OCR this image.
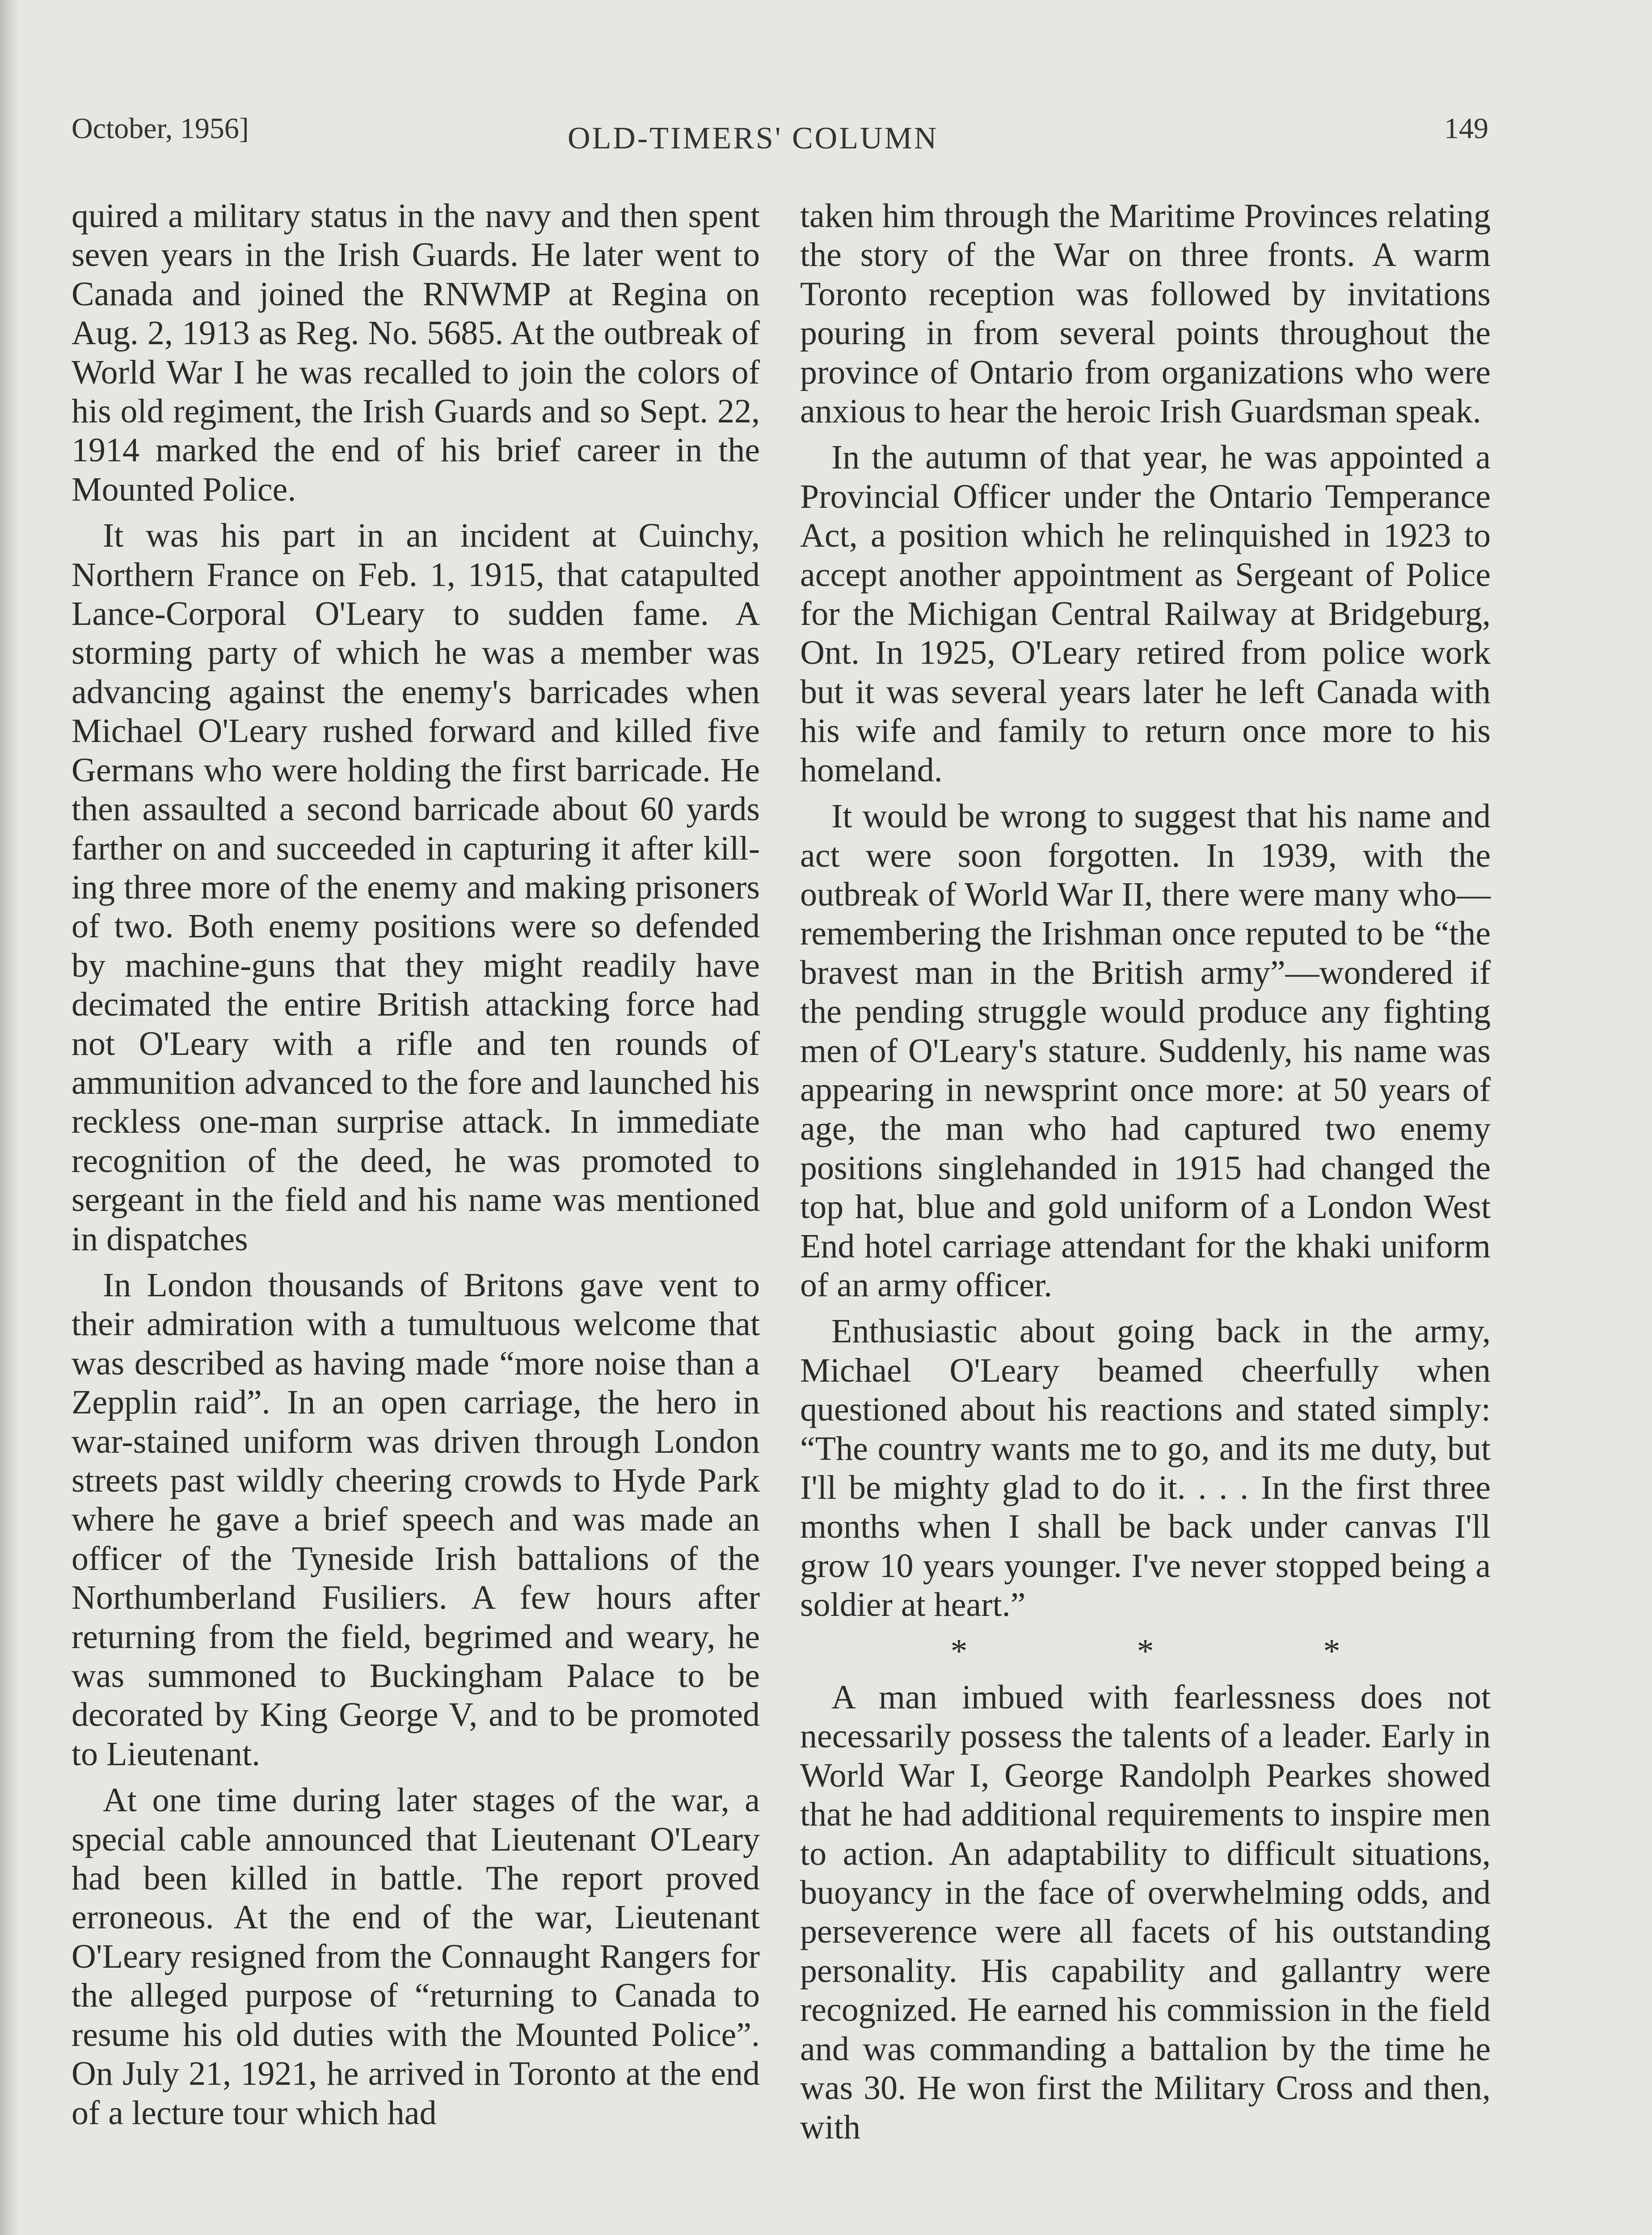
October, 1956]	OLD-TIMERS' COLUMN	149

quired a military status in the navy and then spent seven years in the Irish Guards. He later went to Canada and joined the RNWMP at Regina on Aug. 2, 1913 as Reg. No. 5685. At the outbreak of World War I he was recalled to join the colors of his old regiment, the Irish Guards and so Sept. 22, 1914 marked the end of his brief career in the Mounted Police.

It was his part in an incident at Cuinchy, Northern France on Feb. 1, 1915, that catapulted Lance-Corporal O'Leary to sudden fame. A storming party of which he was a member was advancing against the enemy's barricades when Michael O'Leary rushed forward and killed five Germans who were holding the first barricade. He then assaulted a second barricade about 60 yards farther on and succeeded in capturing it after killing three more of the enemy and making prisoners of two. Both enemy positions were so defended by machine-guns that they might readily have decimated the entire British attacking force had not O'Leary with a rifle and ten rounds of ammunition advanced to the fore and launched his reckless one-man surprise attack. In immediate recognition of the deed, he was promoted to sergeant in the field and his name was mentioned in dispatches

In London thousands of Britons gave vent to their admiration with a tumultuous welcome that was described as having made “more noise than a Zepplin raid”. In an open carriage, the hero in war-stained uniform was driven through London streets past wildly cheering crowds to Hyde Park where he gave a brief speech and was made an officer of the Tyneside Irish battalions of the Northumberland Fusiliers. A few hours after returning from the field, begrimed and weary, he was summoned to Buckingham Palace to be decorated by King George V, and to be promoted to Lieutenant.

At one time during later stages of the war, a special cable announced that Lieutenant O'Leary had been killed in battle. The report proved erroneous. At the end of the war, Lieutenant O'Leary resigned from the Connaught Rangers for the alleged purpose of “returning to Canada to resume his old duties with the Mounted Police”. On July 21, 1921, he arrived in Toronto at the end of a lecture tour which had

taken him through the Maritime Provinces relating the story of the War on three fronts. A warm Toronto reception was followed by invitations pouring in from several points throughout the province of Ontario from organizations who were anxious to hear the heroic Irish Guardsman speak.

In the autumn of that year, he was appointed a Provincial Officer under the Ontario Temperance Act, a position which he relinquished in 1923 to accept another appointment as Sergeant of Police for the Michigan Central Railway at Bridgeburg, Ont. In 1925, O'Leary retired from police work but it was several years later he left Canada with his wife and family to return once more to his homeland.

It would be wrong to suggest that his name and act were soon forgotten. In 1939, with the outbreak of World War II, there were many who—remembering the Irishman once reputed to be “the bravest man in the British army”—wondered if the pending struggle would produce any fighting men of O'Leary's stature. Suddenly, his name was appearing in newsprint once more: at 50 years of age, the man who had captured two enemy positions singlehanded in 1915 had changed the top hat, blue and gold uniform of a London West End hotel carriage attendant for the khaki uniform of an army officer.

Enthusiastic about going back in the army, Michael O'Leary beamed cheerfully when questioned about his reactions and stated simply: “The country wants me to go, and its me duty, but I'll be mighty glad to do it. . . . In the first three months when I shall be back under canvas I'll grow 10 years younger. I've never stopped being a soldier at heart.”

* * *

A man imbued with fearlessness does not necessarily possess the talents of a leader. Early in World War I, George Randolph Pearkes showed that he had additional requirements to inspire men to action. An adaptability to difficult situations, buoyancy in the face of overwhelming odds, and perseverence were all facets of his outstanding personality. His capability and gallantry were recognized. He earned his commission in the field and was commanding a battalion by the time he was 30. He won first the Military Cross and then, with
